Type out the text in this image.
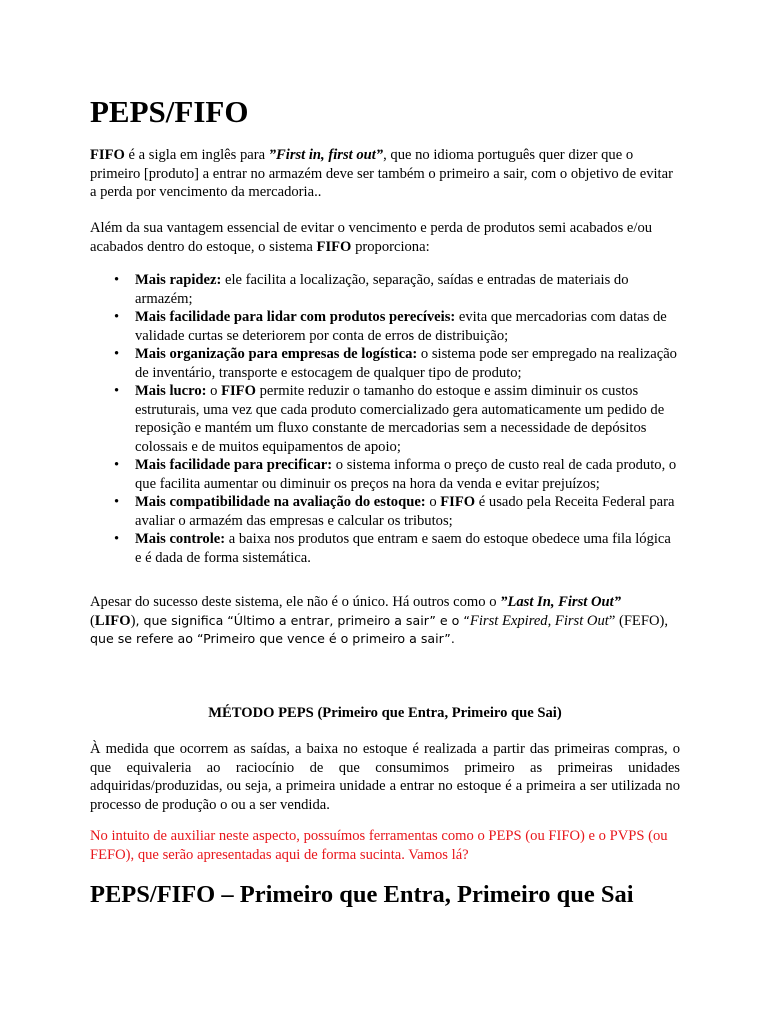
PEPS/FIFO

FIFO é a sigla em inglês para ”First in, first out”, que no idioma português quer dizer que o primeiro [produto] a entrar no armazém deve ser também o primeiro a sair, com o objetivo de evitar a perda por vencimento da mercadoria..

Além da sua vantagem essencial de evitar o vencimento e perda de produtos semi acabados e/ou acabados dentro do estoque, o sistema FIFO proporciona:

• Mais rapidez: ele facilita a localização, separação, saídas e entradas de materiais do armazém;
• Mais facilidade para lidar com produtos perecíveis: evita que mercadorias com datas de validade curtas se deteriorem por conta de erros de distribuição;
• Mais organização para empresas de logística: o sistema pode ser empregado na realização de inventário, transporte e estocagem de qualquer tipo de produto;
• Mais lucro: o FIFO permite reduzir o tamanho do estoque e assim diminuir os custos estruturais, uma vez que cada produto comercializado gera automaticamente um pedido de reposição e mantém um fluxo constante de mercadorias sem a necessidade de depósitos colossais e de muitos equipamentos de apoio;
• Mais facilidade para precificar: o sistema informa o preço de custo real de cada produto, o que facilita aumentar ou diminuir os preços na hora da venda e evitar prejuízos;
• Mais compatibilidade na avaliação do estoque: o FIFO é usado pela Receita Federal para avaliar o armazém das empresas e calcular os tributos;
• Mais controle: a baixa nos produtos que entram e saem do estoque obedece uma fila lógica e é dada de forma sistemática.

Apesar do sucesso deste sistema, ele não é o único. Há outros como o ”Last In, First Out”
(LIFO), que significa “Último a entrar, primeiro a sair” e o “First Expired, First Out” (FEFO),
que se refere ao “Primeiro que vence é o primeiro a sair”.

MÉTODO PEPS (Primeiro que Entra, Primeiro que Sai)

À medida que ocorrem as saídas, a baixa no estoque é realizada a partir das primeiras compras, o que equivaleria ao raciocínio de que consumimos primeiro as primeiras unidades adquiridas/produzidas, ou seja, a primeira unidade a entrar no estoque é a primeira a ser utilizada no processo de produção o ou a ser vendida.

No intuito de auxiliar neste aspecto, possuímos ferramentas como o PEPS (ou FIFO) e o PVPS (ou FEFO), que serão apresentadas aqui de forma sucinta. Vamos lá?

PEPS/FIFO – Primeiro que Entra, Primeiro que Sai
